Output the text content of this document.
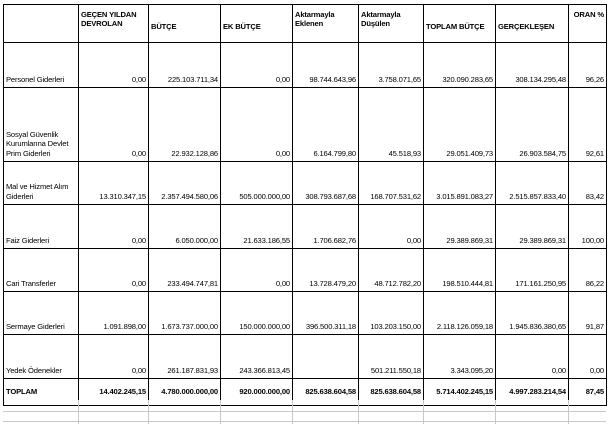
	GEÇEN YILDAN DEVROLAN	BÜTÇE	EK BÜTÇE	Aktarmayla Eklenen	Aktarmayla Düşülen	TOPLAM BÜTÇE	GERÇEKLEŞEN	ORAN %
Personel Giderleri	0,00	225.103.711,34	0,00	98.744.643,96	3.758.071,65	320.090.283,65	308.134.295,48	96,26
Sosyal Güvenlik Kurumlarına Devlet Prim Giderleri	0,00	22.932.128,86	0,00	6.164.799,80	45.518,93	29.051.409,73	26.903.584,75	92,61
Mal ve Hizmet Alım Giderleri	13.310.347,15	2.357.494.580,06	505.000.000,00	308.793.687,68	168.707.531,62	3.015.891.083,27	2.515.857.833,40	83,42
Faiz Giderleri	0,00	6.050.000,00	21.633.186,55	1.706.682,76	0,00	29.389.869,31	29.389.869,31	100,00
Cari Transferler	0,00	233.494.747,81	0,00	13.728.479,20	48.712.782,20	198.510.444,81	171.161.250,95	86,22
Sermaye Giderleri	1.091.898,00	1.673.737.000,00	150.000.000,00	396.500.311,18	103.203.150,00	2.118.126.059,18	1.945.836.380,65	91,87
Yedek Ödenekler	0,00	261.187.831,93	243.366.813,45		501.211.550,18	3.343.095,20	0,00	0,00
TOPLAM	14.402.245,15	4.780.000.000,00	920.000.000,00	825.638.604,58	825.638.604,58	5.714.402.245,15	4.997.283.214,54	87,45
